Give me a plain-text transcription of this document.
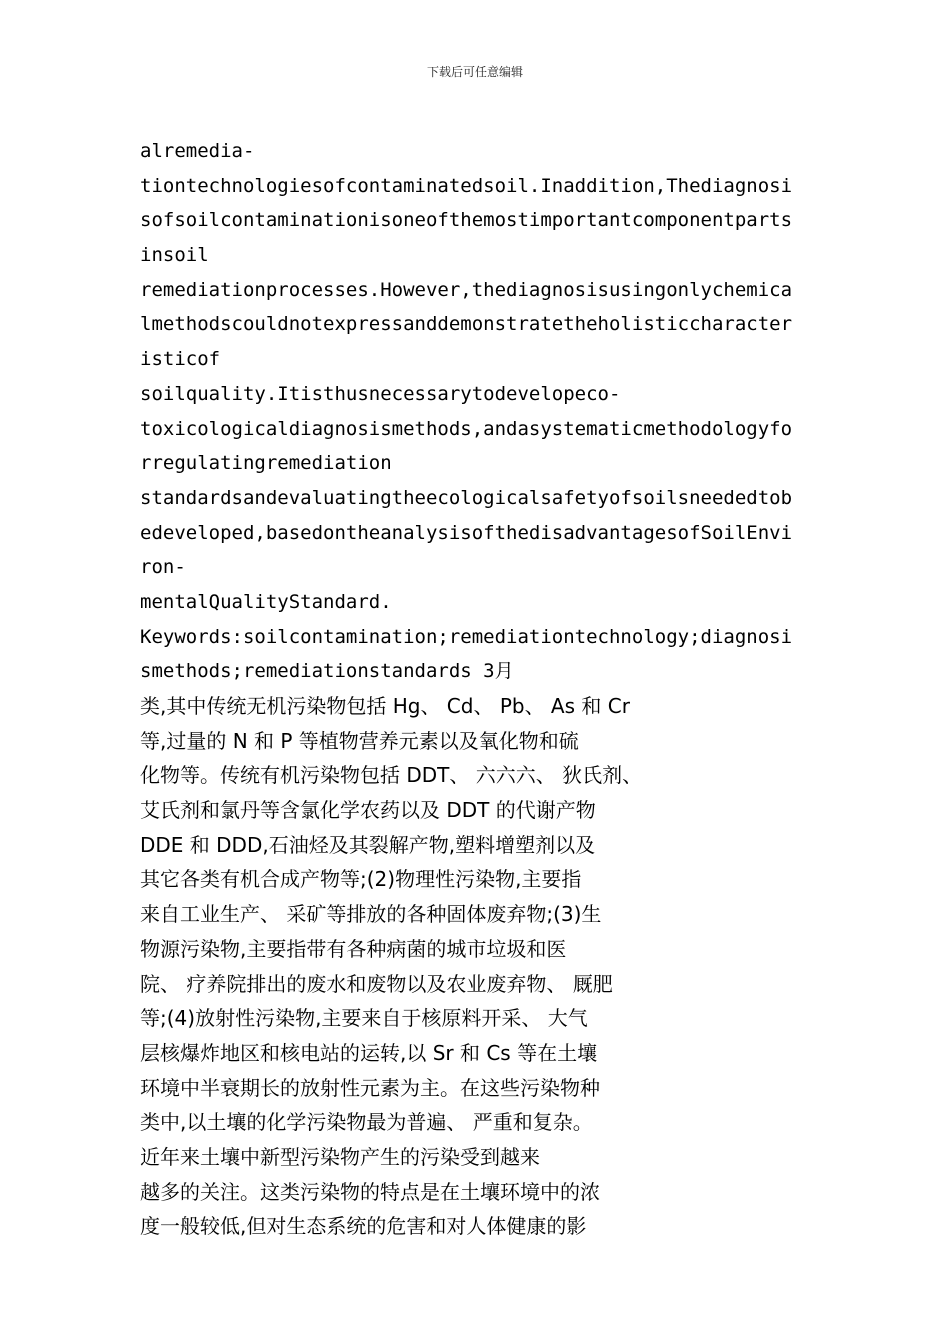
下载后可任意编辑
alremedia-
tiontechnologiesofcontaminatedsoil.Inaddition,Thediagnosi
sofsoilcontaminationisoneofthemostimportantcomponentparts
insoil
remediationprocesses.However,thediagnosisusingonlychemica
lmethodscouldnotexpressanddemonstratetheholisticcharacter
isticof
soilquality.Itisthusnecessarytodevelopeco-
toxicologicaldiagnosismethods,andasystematicmethodologyfo
rregulatingremediation
standardsandevaluatingtheecologicalsafetyofsoilsneededtob
edeveloped,basedontheanalysisofthedisadvantagesofSoilEnvi
ron-
mentalQualityStandard.
Keywords:soilcontamination;remediationtechnology;diagnosi
smethods;remediationstandards 3月
类,其中传统无机污染物包括 Hg、 Cd、 Pb、 As 和 Cr
等,过量的 N 和 P 等植物营养元素以及氧化物和硫
化物等。传统有机污染物包括 DDT、 六六六、 狄氏剂、
艾氏剂和氯丹等含氯化学农药以及 DDT 的代谢产物
DDE 和 DDD,石油烃及其裂解产物,塑料增塑剂以及
其它各类有机合成产物等;(2)物理性污染物,主要指
来自工业生产、 采矿等排放的各种固体废弃物;(3)生
物源污染物,主要指带有各种病菌的城市垃圾和医
院、 疗养院排出的废水和废物以及农业废弃物、 厩肥
等;(4)放射性污染物,主要来自于核原料开采、 大气
层核爆炸地区和核电站的运转,以 Sr 和 Cs 等在土壤
环境中半衰期长的放射性元素为主。在这些污染物种
类中,以土壤的化学污染物最为普遍、 严重和复杂。
近年来土壤中新型污染物产生的污染受到越来
越多的关注。这类污染物的特点是在土壤环境中的浓
度一般较低,但对生态系统的危害和对人体健康的影
